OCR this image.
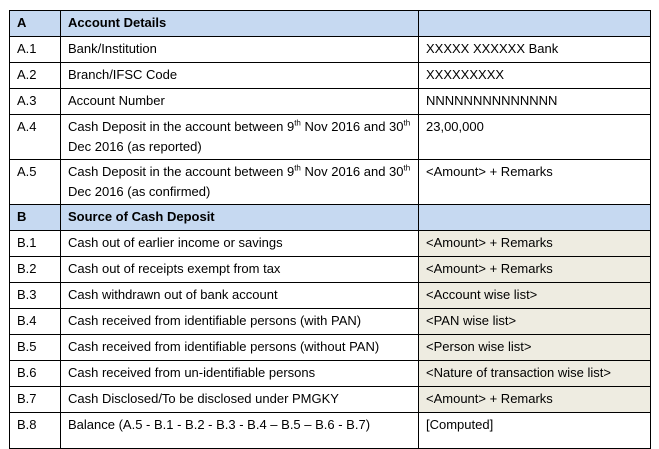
A	Account Details	
A.1	Bank/Institution	XXXXX XXXXXX Bank
A.2	Branch/IFSC Code	XXXXXXXXX
A.3	Account Number	NNNNNNNNNNNNNN
A.4	Cash Deposit in the account between 9th Nov 2016 and 30th Dec 2016 (as reported)	23,00,000
A.5	Cash Deposit in the account between 9th Nov 2016 and 30th Dec 2016 (as confirmed)	<Amount> + Remarks
B	Source of Cash Deposit	
B.1	Cash out of earlier income or savings	<Amount> + Remarks
B.2	Cash out of receipts exempt from tax	<Amount> + Remarks
B.3	Cash withdrawn out of bank account	<Account wise list>
B.4	Cash received from identifiable persons (with PAN)	<PAN wise list>
B.5	Cash received from identifiable persons (without PAN)	<Person wise list>
B.6	Cash received from un-identifiable persons	<Nature of transaction wise list>
B.7	Cash Disclosed/To be disclosed under PMGKY	<Amount> + Remarks
B.8	Balance (A.5 - B.1 - B.2 - B.3 - B.4 – B.5 – B.6 - B.7)	[Computed]
